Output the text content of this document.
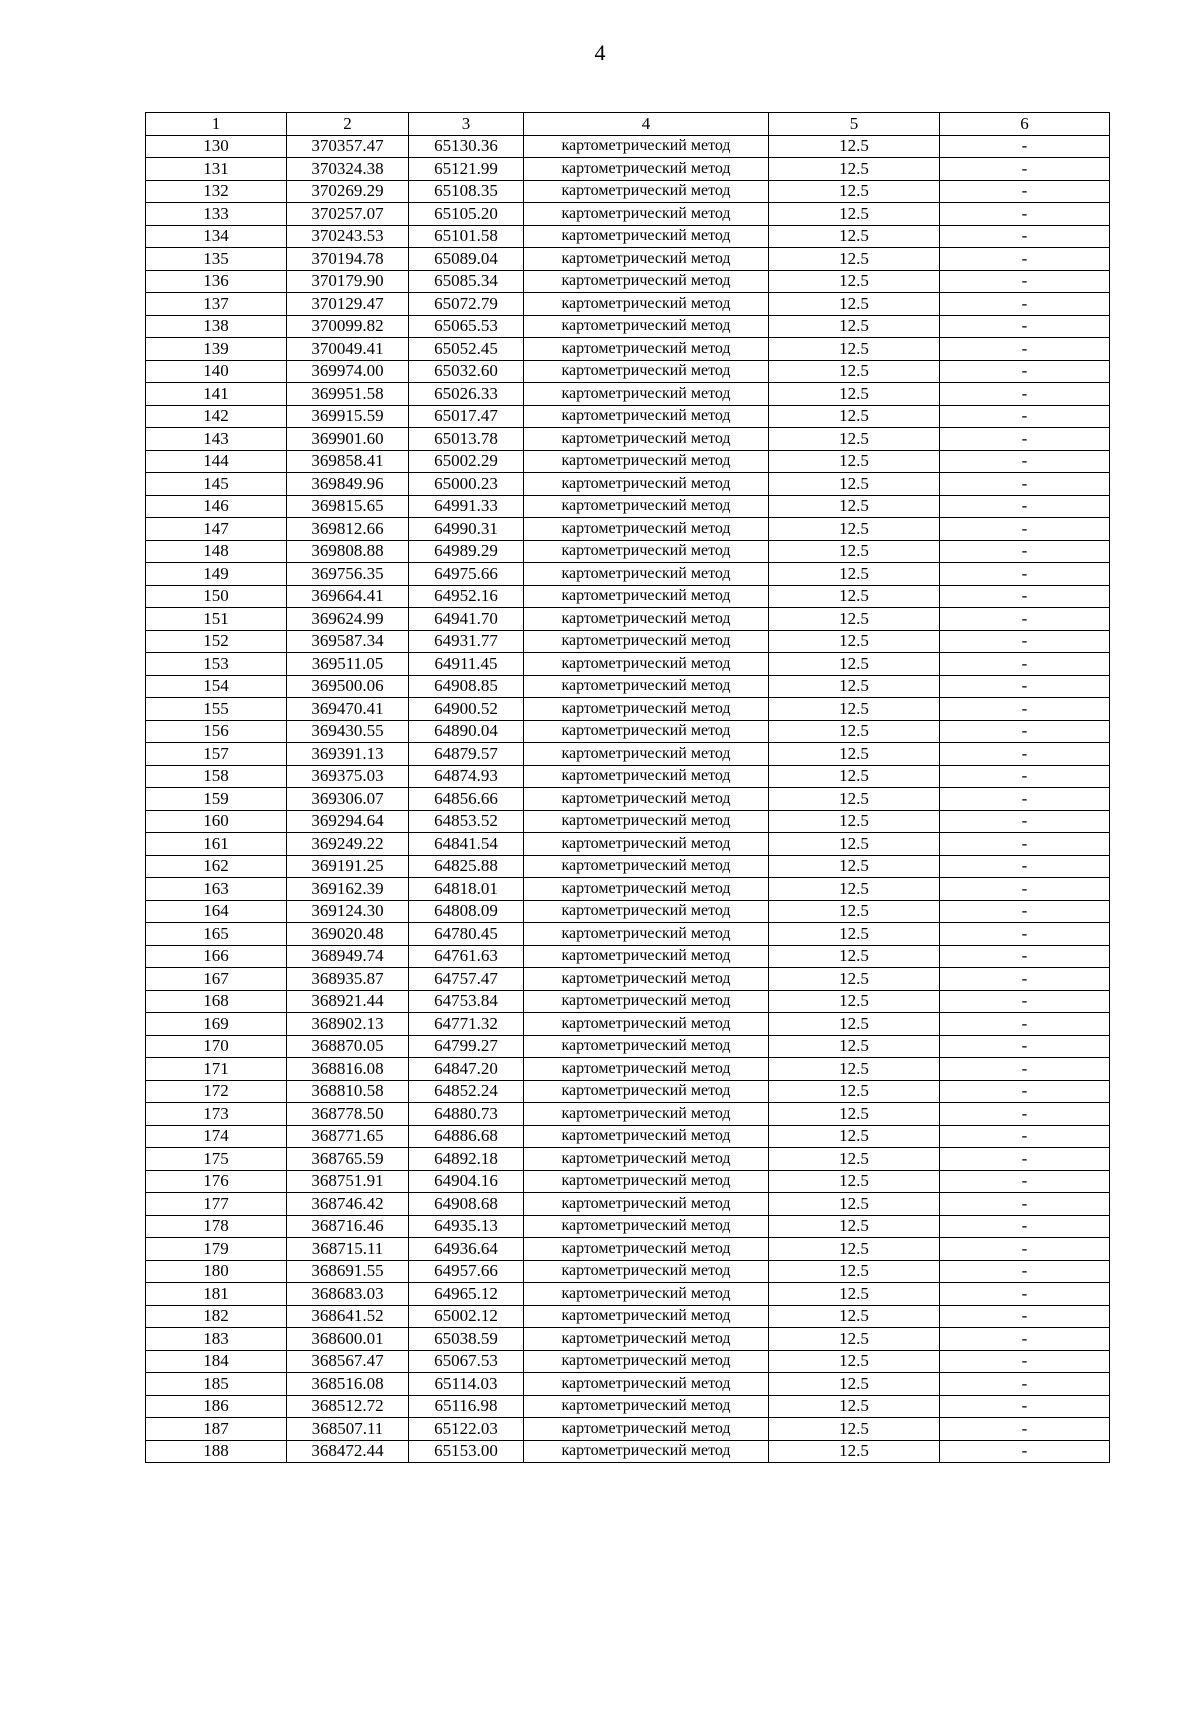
4
1	2	3	4	5	6
130	370357.47	65130.36	картометрический метод	12.5	-
131	370324.38	65121.99	картометрический метод	12.5	-
132	370269.29	65108.35	картометрический метод	12.5	-
133	370257.07	65105.20	картометрический метод	12.5	-
134	370243.53	65101.58	картометрический метод	12.5	-
135	370194.78	65089.04	картометрический метод	12.5	-
136	370179.90	65085.34	картометрический метод	12.5	-
137	370129.47	65072.79	картометрический метод	12.5	-
138	370099.82	65065.53	картометрический метод	12.5	-
139	370049.41	65052.45	картометрический метод	12.5	-
140	369974.00	65032.60	картометрический метод	12.5	-
141	369951.58	65026.33	картометрический метод	12.5	-
142	369915.59	65017.47	картометрический метод	12.5	-
143	369901.60	65013.78	картометрический метод	12.5	-
144	369858.41	65002.29	картометрический метод	12.5	-
145	369849.96	65000.23	картометрический метод	12.5	-
146	369815.65	64991.33	картометрический метод	12.5	-
147	369812.66	64990.31	картометрический метод	12.5	-
148	369808.88	64989.29	картометрический метод	12.5	-
149	369756.35	64975.66	картометрический метод	12.5	-
150	369664.41	64952.16	картометрический метод	12.5	-
151	369624.99	64941.70	картометрический метод	12.5	-
152	369587.34	64931.77	картометрический метод	12.5	-
153	369511.05	64911.45	картометрический метод	12.5	-
154	369500.06	64908.85	картометрический метод	12.5	-
155	369470.41	64900.52	картометрический метод	12.5	-
156	369430.55	64890.04	картометрический метод	12.5	-
157	369391.13	64879.57	картометрический метод	12.5	-
158	369375.03	64874.93	картометрический метод	12.5	-
159	369306.07	64856.66	картометрический метод	12.5	-
160	369294.64	64853.52	картометрический метод	12.5	-
161	369249.22	64841.54	картометрический метод	12.5	-
162	369191.25	64825.88	картометрический метод	12.5	-
163	369162.39	64818.01	картометрический метод	12.5	-
164	369124.30	64808.09	картометрический метод	12.5	-
165	369020.48	64780.45	картометрический метод	12.5	-
166	368949.74	64761.63	картометрический метод	12.5	-
167	368935.87	64757.47	картометрический метод	12.5	-
168	368921.44	64753.84	картометрический метод	12.5	-
169	368902.13	64771.32	картометрический метод	12.5	-
170	368870.05	64799.27	картометрический метод	12.5	-
171	368816.08	64847.20	картометрический метод	12.5	-
172	368810.58	64852.24	картометрический метод	12.5	-
173	368778.50	64880.73	картометрический метод	12.5	-
174	368771.65	64886.68	картометрический метод	12.5	-
175	368765.59	64892.18	картометрический метод	12.5	-
176	368751.91	64904.16	картометрический метод	12.5	-
177	368746.42	64908.68	картометрический метод	12.5	-
178	368716.46	64935.13	картометрический метод	12.5	-
179	368715.11	64936.64	картометрический метод	12.5	-
180	368691.55	64957.66	картометрический метод	12.5	-
181	368683.03	64965.12	картометрический метод	12.5	-
182	368641.52	65002.12	картометрический метод	12.5	-
183	368600.01	65038.59	картометрический метод	12.5	-
184	368567.47	65067.53	картометрический метод	12.5	-
185	368516.08	65114.03	картометрический метод	12.5	-
186	368512.72	65116.98	картометрический метод	12.5	-
187	368507.11	65122.03	картометрический метод	12.5	-
188	368472.44	65153.00	картометрический метод	12.5	-
